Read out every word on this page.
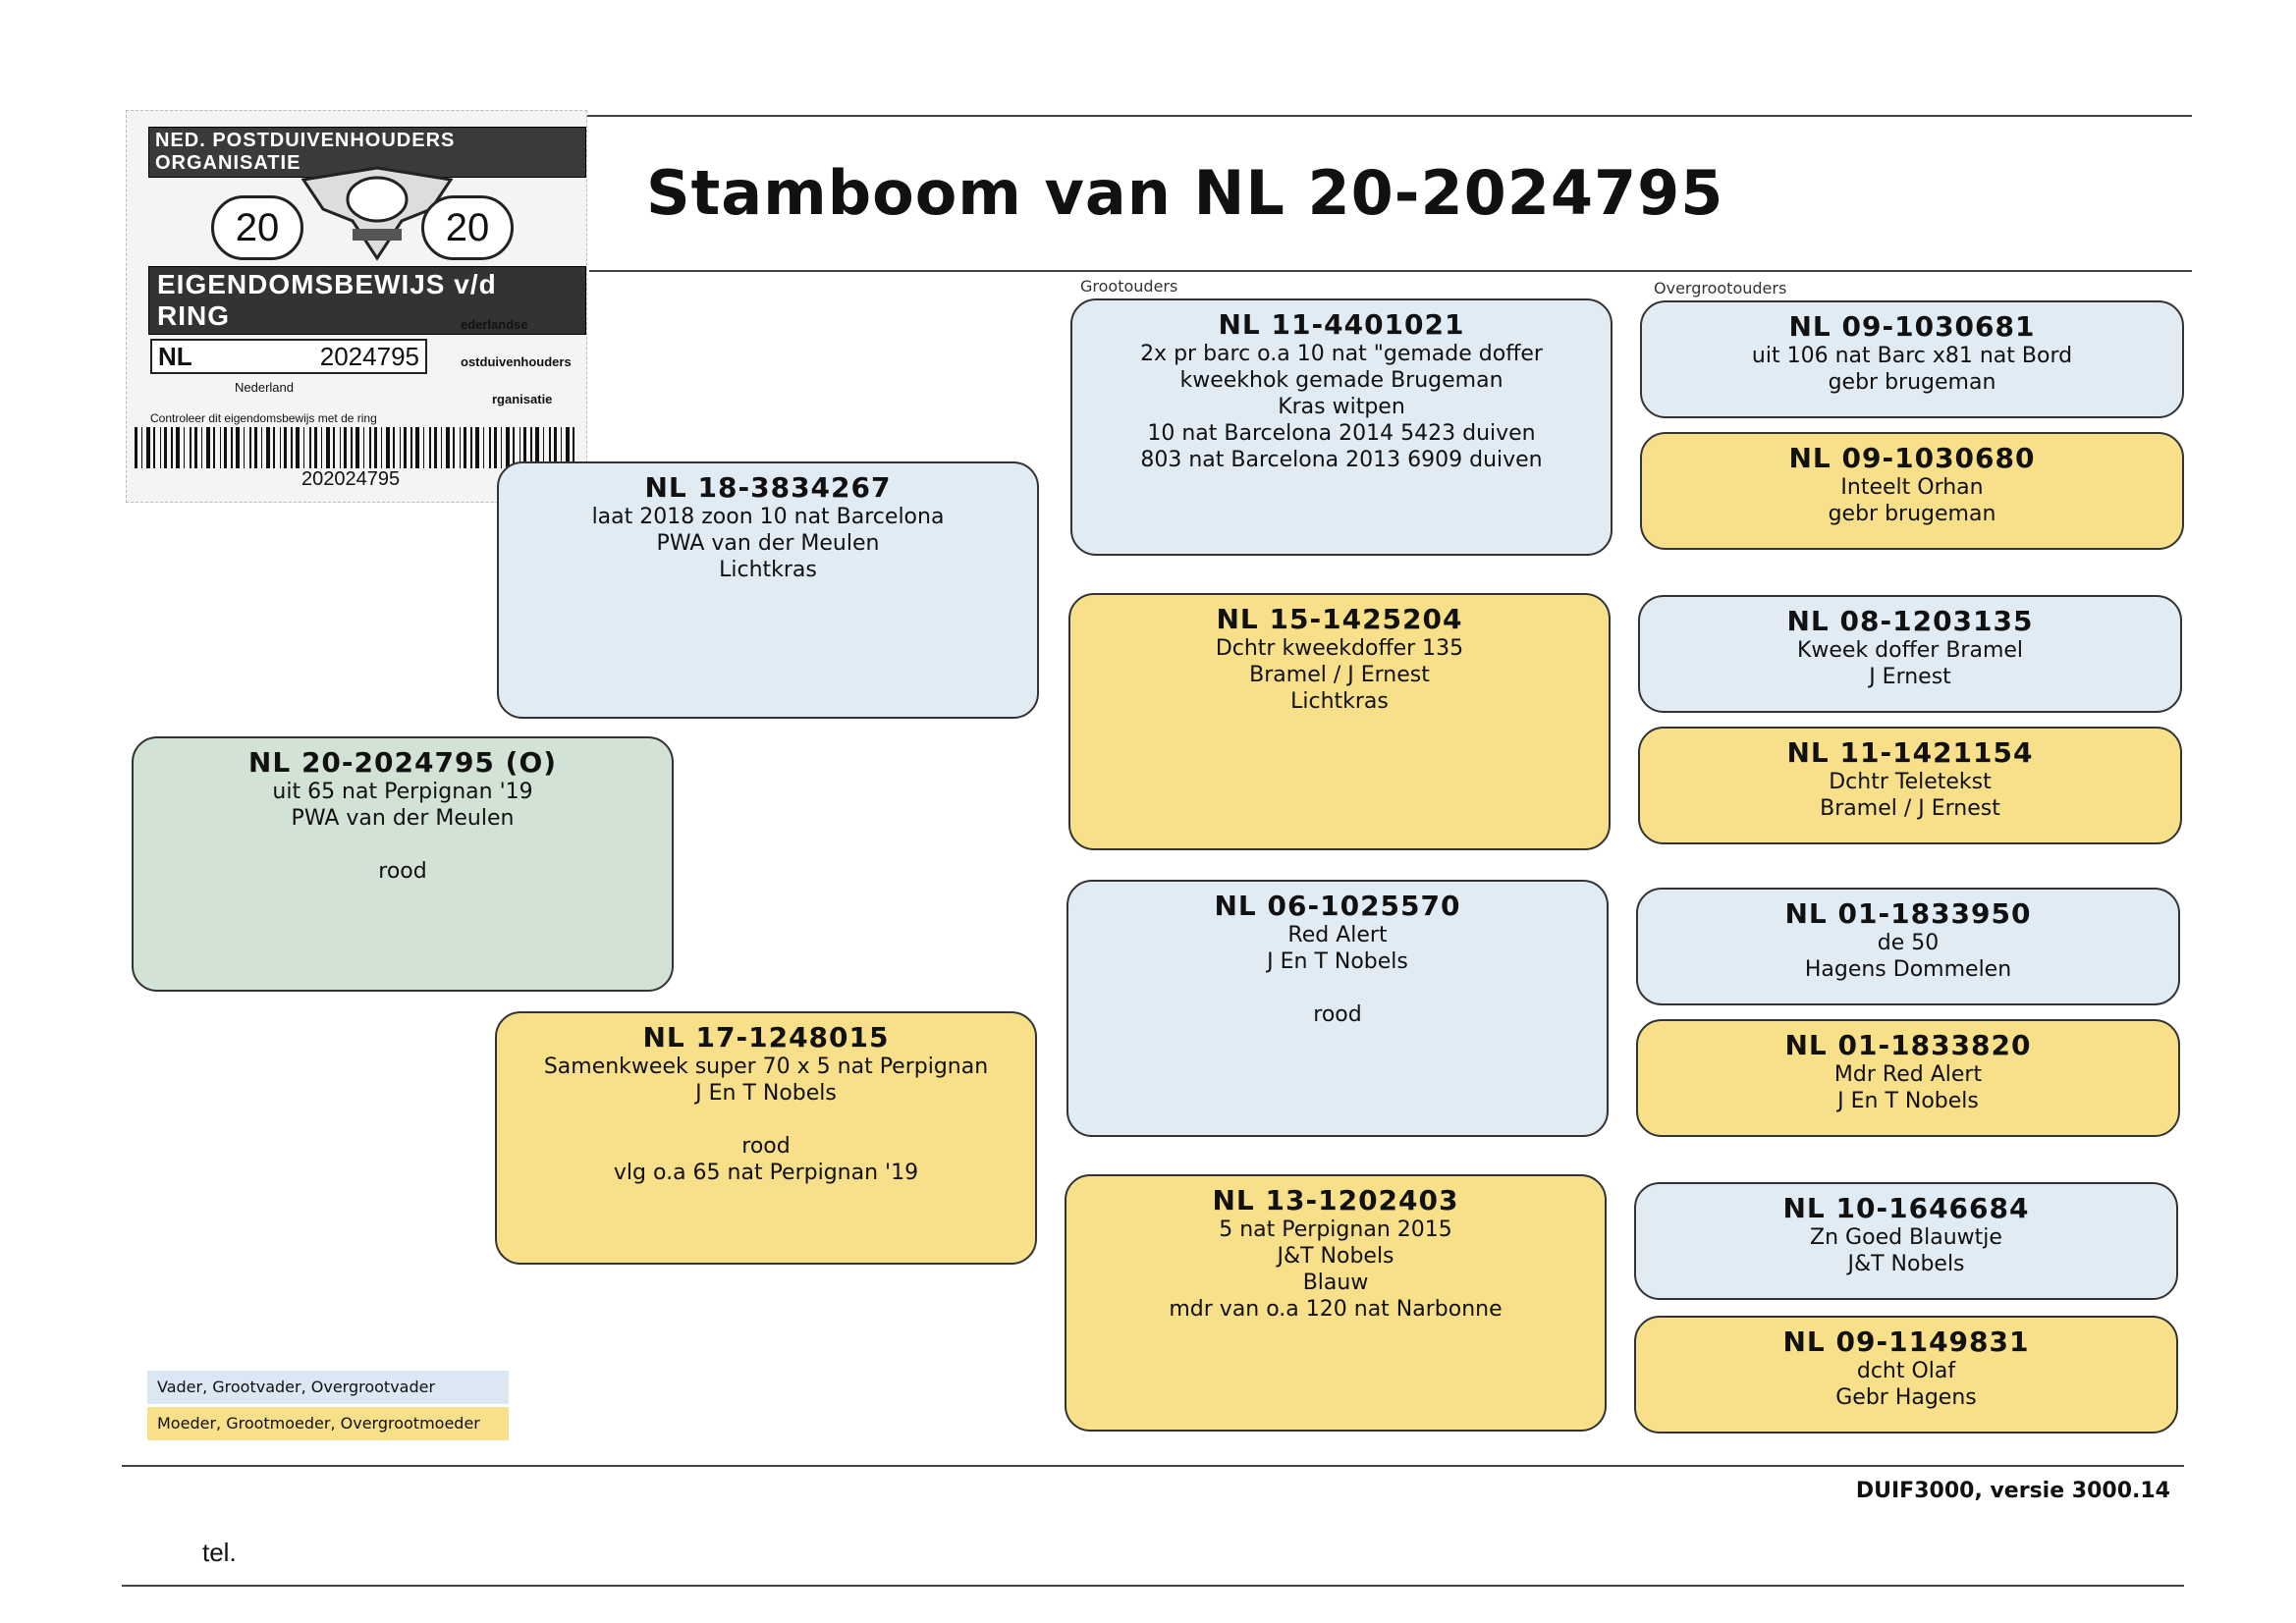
NED. POSTDUIVENHOUDERS ORGANISATIE
20	20
EIGENDOMSBEWIJS v/d RING
NL	2024795
ederlandse
ostduivenhouders
rganisatie
Nederland
Controleer dit eigendomsbewijs met de ring
202024795
Stamboom van NL 20-2024795
Grootouders	Overgrootouders
NL 20-2024795 (O)
uit 65 nat Perpignan '19
PWA van der Meulen
rood
NL 18-3834267
laat 2018 zoon 10 nat Barcelona
PWA van der Meulen
Lichtkras
NL 17-1248015
Samenkweek super 70 x 5 nat Perpignan
J En T Nobels
rood
vlg o.a 65 nat Perpignan '19
NL 11-4401021
2x pr barc o.a 10 nat "gemade doffer
kweekhok gemade Brugeman
Kras witpen
10 nat Barcelona 2014 5423 duiven
803 nat Barcelona 2013 6909 duiven
NL 15-1425204
Dchtr kweekdoffer 135
Bramel / J Ernest
Lichtkras
NL 06-1025570
Red Alert
J En T Nobels
rood
NL 13-1202403
5 nat Perpignan 2015
J&T Nobels
Blauw
mdr van o.a 120 nat Narbonne
NL 09-1030681
uit 106 nat Barc x81 nat Bord
gebr brugeman
NL 09-1030680
Inteelt Orhan
gebr brugeman
NL 08-1203135
Kweek doffer Bramel
J Ernest
NL 11-1421154
Dchtr Teletekst
Bramel / J Ernest
NL 01-1833950
de 50
Hagens Dommelen
NL 01-1833820
Mdr Red Alert
J En T Nobels
NL 10-1646684
Zn Goed Blauwtje
J&T Nobels
NL 09-1149831
dcht Olaf
Gebr Hagens
Vader, Grootvader, Overgrootvader
Moeder, Grootmoeder, Overgrootmoeder
DUIF3000, versie 3000.14
tel.
